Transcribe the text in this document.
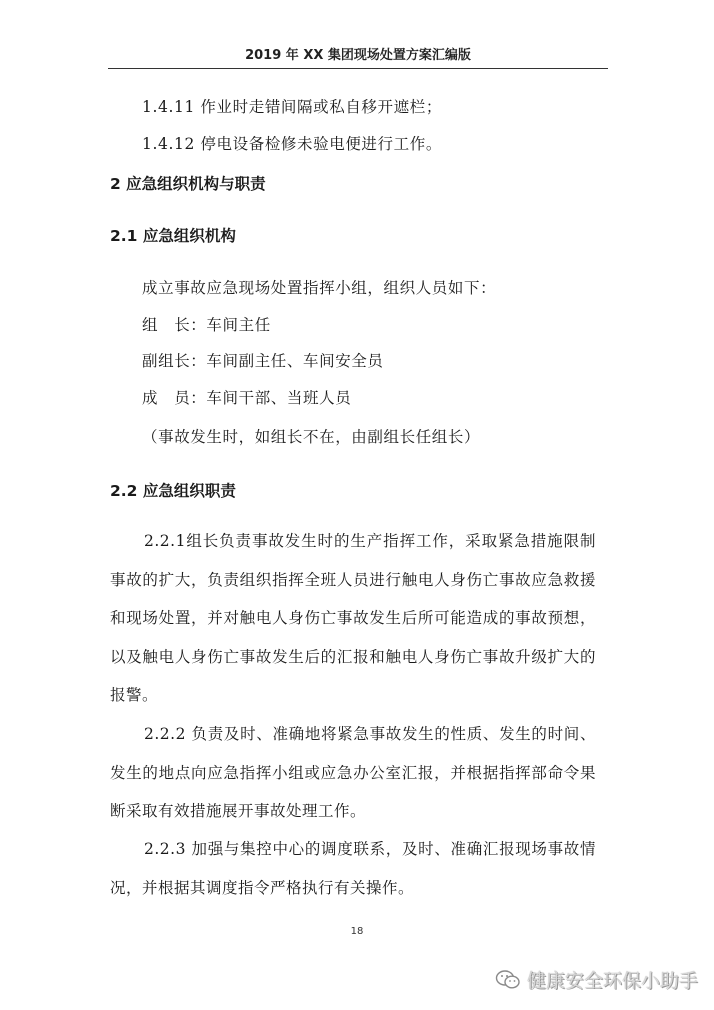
2019 年 XX 集团现场处置方案汇编版
1.4.11 作业时走错间隔或私自移开遮栏；
1.4.12 停电设备检修未验电便进行工作。
2 应急组织机构与职责
2.1 应急组织机构
成立事故应急现场处置指挥小组，组织人员如下：
组　长：车间主任
副组长：车间副主任、车间安全员
成　员：车间干部、当班人员
（事故发生时，如组长不在，由副组长任组长）
2.2 应急组织职责
2.2.1组长负责事故发生时的生产指挥工作，采取紧急措施限制事故的扩大，负责组织指挥全班人员进行触电人身伤亡事故应急救援和现场处置，并对触电人身伤亡事故发生后所可能造成的事故预想，以及触电人身伤亡事故发生后的汇报和触电人身伤亡事故升级扩大的报警。
2.2.2 负责及时、准确地将紧急事故发生的性质、发生的时间、发生的地点向应急指挥小组或应急办公室汇报，并根据指挥部命令果断采取有效措施展开事故处理工作。
2.2.3 加强与集控中心的调度联系，及时、准确汇报现场事故情况，并根据其调度指令严格执行有关操作。
18
健康安全环保小助手
